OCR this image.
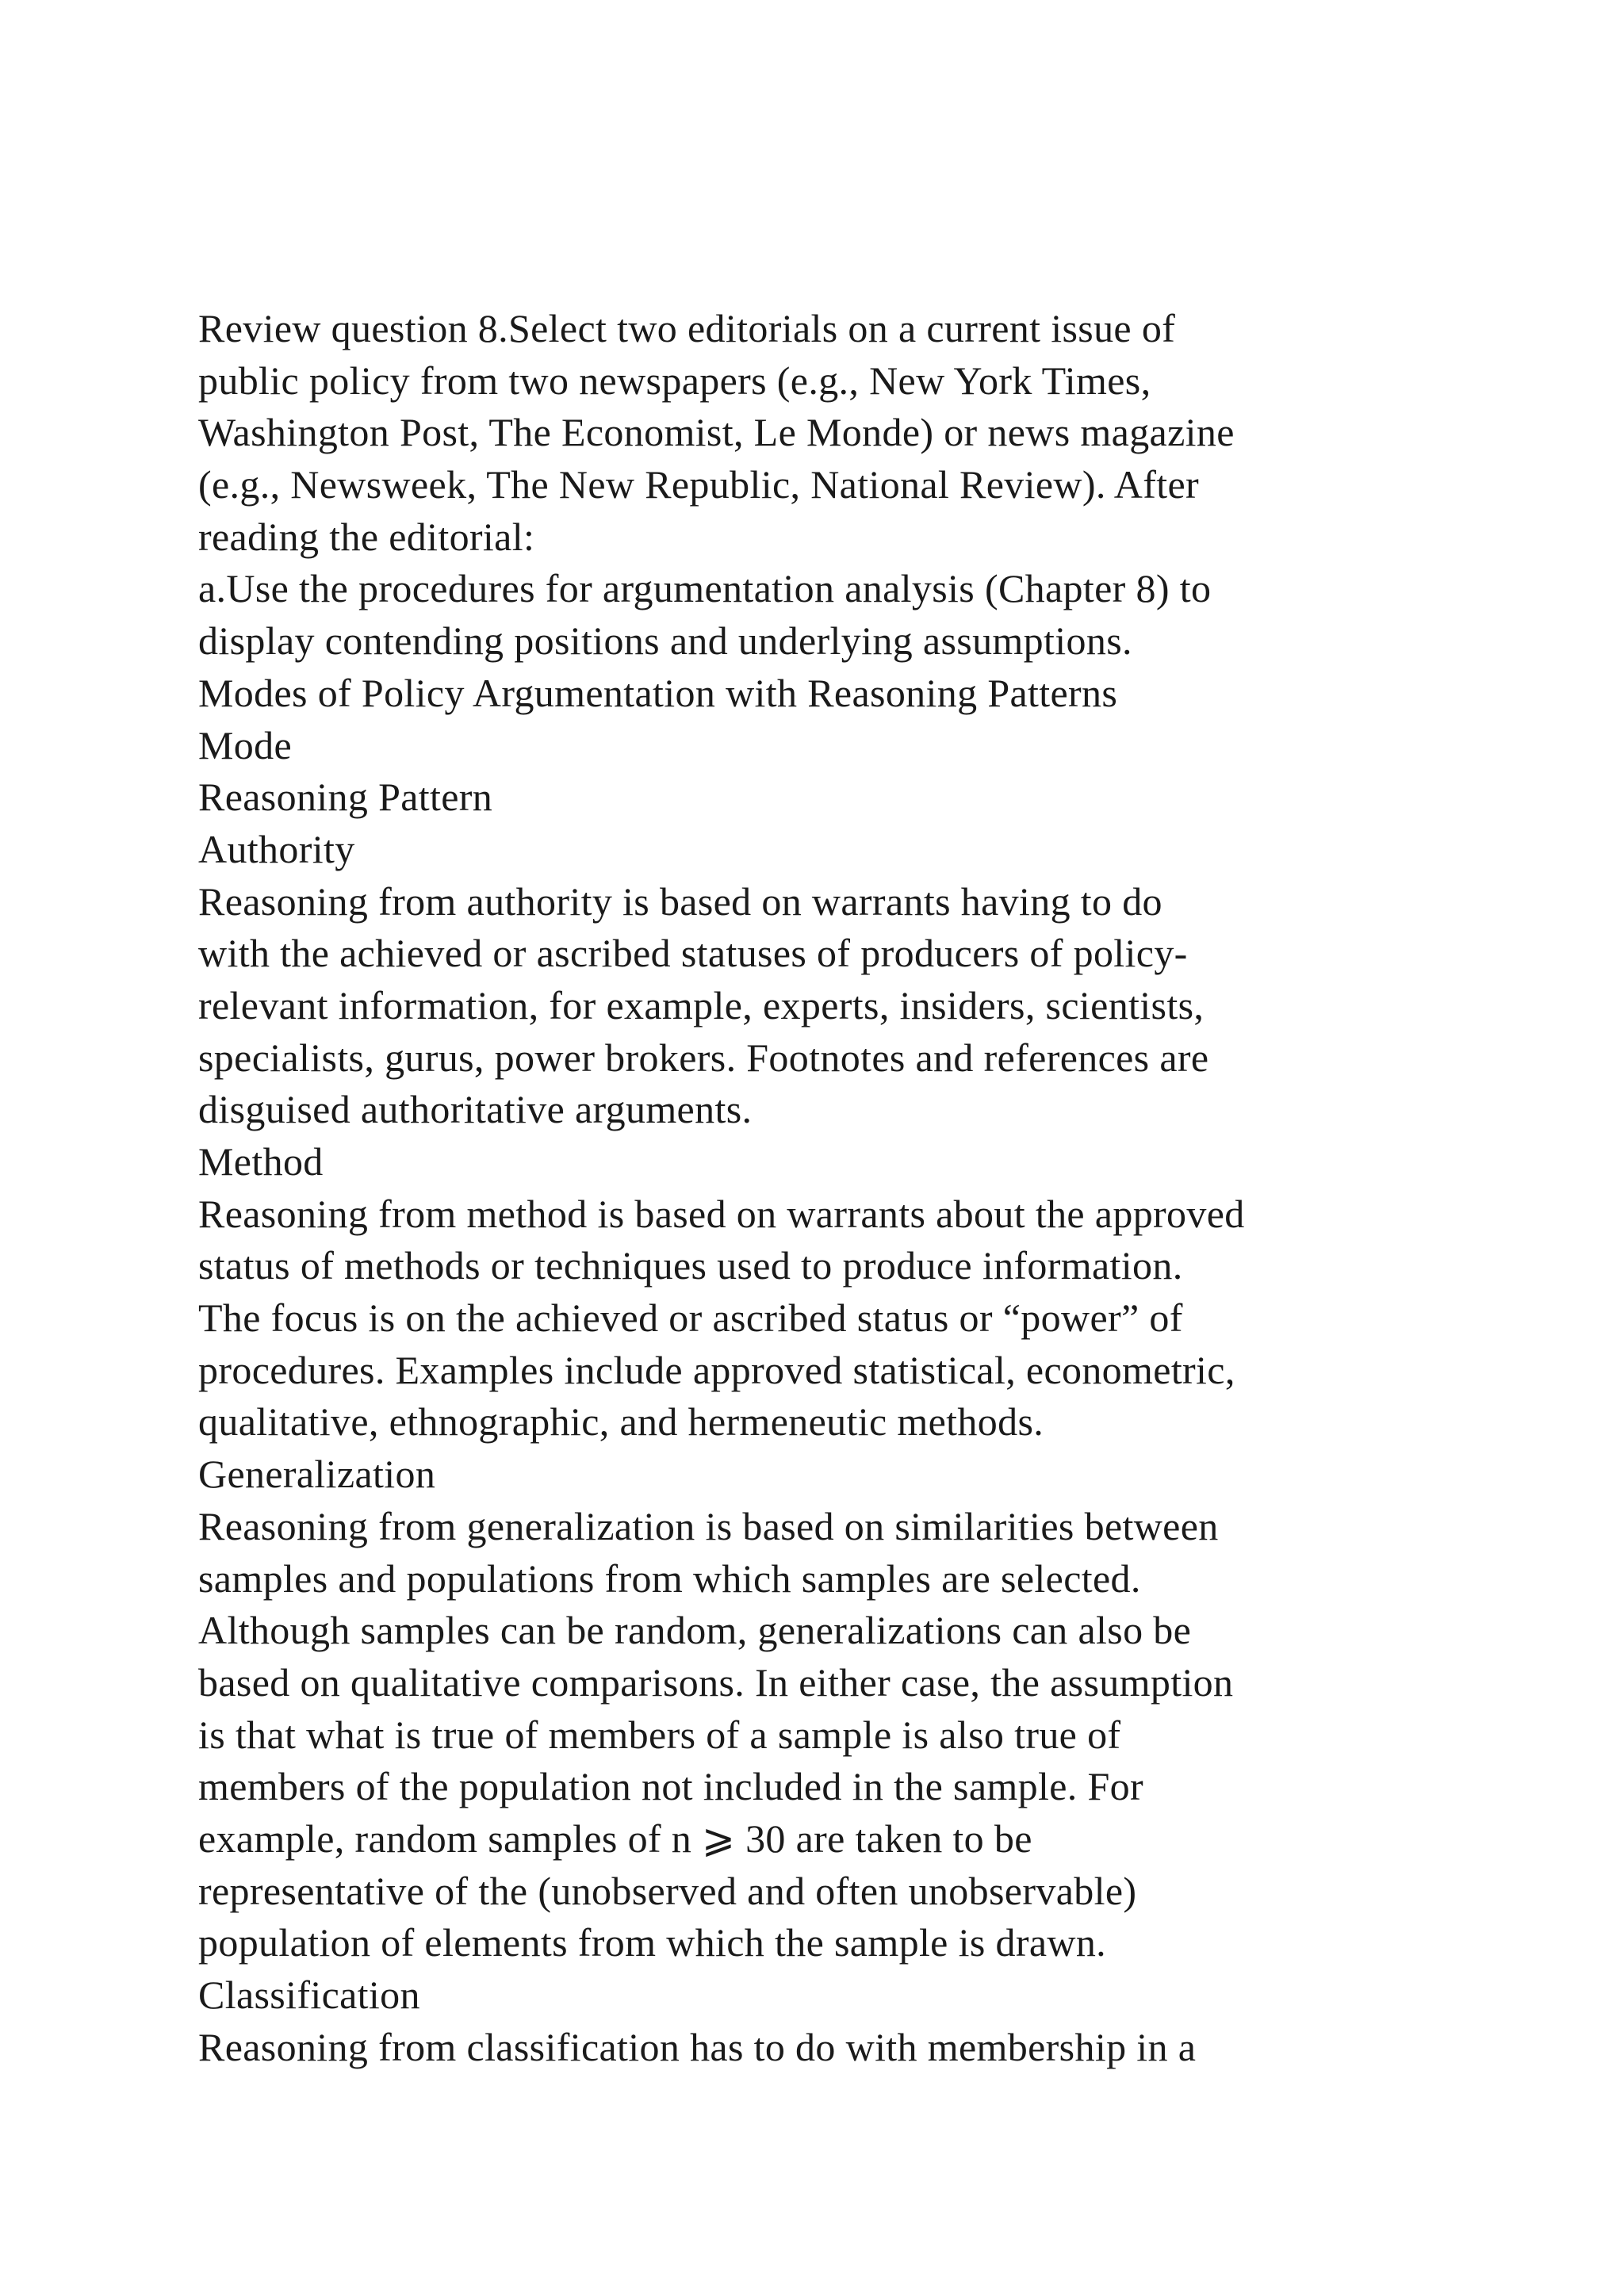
Review question 8.Select two editorials on a current issue of
public policy from two newspapers (e.g., New York Times,
Washington Post, The Economist, Le Monde) or news magazine
(e.g., Newsweek, The New Republic, National Review). After
reading the editorial:
a.Use the procedures for argumentation analysis (Chapter 8) to
display contending positions and underlying assumptions.
Modes of Policy Argumentation with Reasoning Patterns
Mode
Reasoning Pattern
Authority
Reasoning from authority is based on warrants having to do
with the achieved or ascribed statuses of producers of policy-
relevant information, for example, experts, insiders, scientists,
specialists, gurus, power brokers. Footnotes and references are
disguised authoritative arguments.
Method
Reasoning from method is based on warrants about the approved
status of methods or techniques used to produce information.
The focus is on the achieved or ascribed status or “power” of
procedures. Examples include approved statistical, econometric,
qualitative, ethnographic, and hermeneutic methods.
Generalization
Reasoning from generalization is based on similarities between
samples and populations from which samples are selected.
Although samples can be random, generalizations can also be
based on qualitative comparisons. In either case, the assumption
is that what is true of members of a sample is also true of
members of the population not included in the sample. For
example, random samples of n ⩾ 30 are taken to be
representative of the (unobserved and often unobservable)
population of elements from which the sample is drawn.
Classification
Reasoning from classification has to do with membership in a
